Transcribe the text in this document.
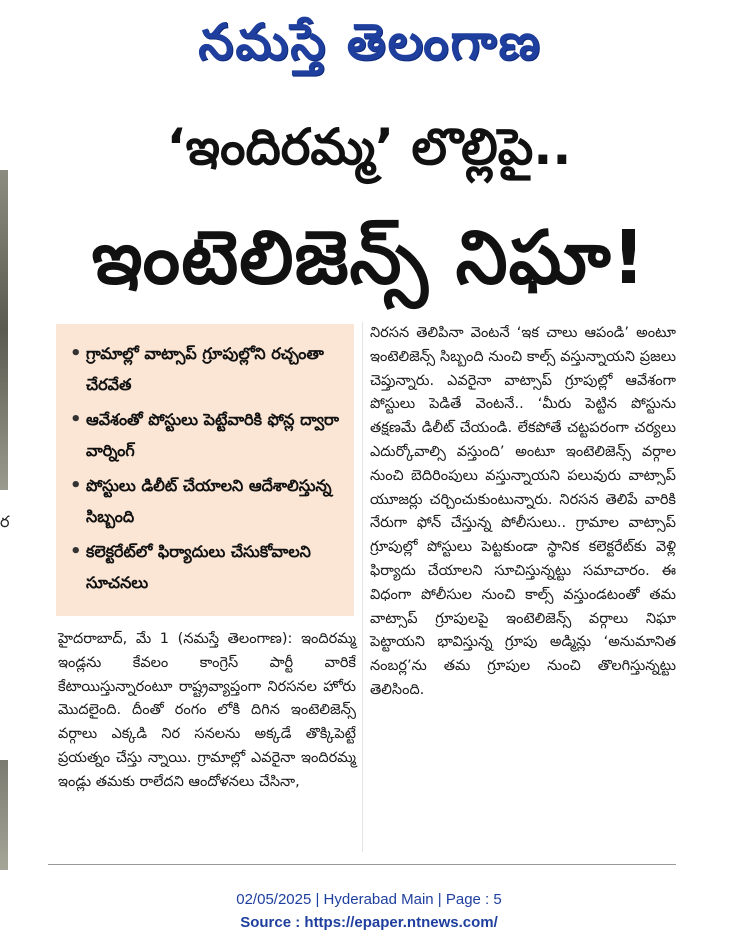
నమస్తే తెలంగాణ
‘ఇందిరమ్మ’ లొల్లిపై..
ఇంటెలిజెన్స్‌ నిఘా!
ర
• గ్రామాల్లో వాట్సాప్‌ గ్రూపుల్లోని రచ్చంతా చేరవేత
• ఆవేశంతో పోస్టులు పెట్టేవారికి ఫోన్ల ద్వారా వార్నింగ్‌
• పోస్టులు డిలీట్‌ చేయాలని ఆదేశాలిస్తున్న సిబ్బంది
• కలెక్టరేట్‌లో ఫిర్యాదులు చేసుకోవాలని సూచనలు
హైదరాబాద్‌, మే 1 (నమస్తే తెలంగాణ): ఇందిరమ్మ ఇండ్లను కేవలం కాంగ్రెస్‌ పార్టీ వారికే కేటాయిస్తున్నారంటూ రాష్ట్రవ్యాప్తంగా నిరసనల హోరు మొదలైంది. దీంతో రంగం లోకి దిగిన ఇంటెలిజెన్స్‌ వర్గాలు ఎక్కడి నిర సనలను అక్కడే తొక్కిపెట్టే ప్రయత్నం చేస్తు న్నాయి. గ్రామాల్లో ఎవరైనా ఇందిరమ్మ ఇండ్లు తమకు రాలేదని ఆందోళనలు చేసినా,
నిరసన తెలిపినా వెంటనే ‘ఇక చాలు ఆపండి’ అంటూ ఇంటెలిజెన్స్‌ సిబ్బంది నుంచి కాల్స్‌ వస్తున్నాయని ప్రజలు చెప్తున్నారు. ఎవరైనా వాట్సాప్‌ గ్రూపుల్లో ఆవేశంగా పోస్టులు పెడితే వెంటనే.. ‘మీరు పెట్టిన పోస్టును తక్షణమే డిలీట్‌ చేయండి. లేకపోతే చట్టపరంగా చర్యలు ఎదుర్కోవాల్సి వస్తుంది’ అంటూ ఇంటెలిజెన్స్‌ వర్గాల నుంచి బెదిరింపులు వస్తున్నాయని పలువురు వాట్సాప్‌ యూజర్లు చర్చించుకుంటున్నారు. నిరసన తెలిపే వారికి నేరుగా ఫోన్‌ చేస్తున్న పోలీసులు.. గ్రామాల వాట్సాప్‌ గ్రూపుల్లో పోస్టులు పెట్టకుండా స్థానిక కలెక్టరేట్‌కు వెళ్లి ఫిర్యాదు చేయాలని సూచిస్తున్నట్టు సమాచారం. ఈ విధంగా పోలీసుల నుంచి కాల్స్‌ వస్తుండటంతో తమ వాట్సాప్‌ గ్రూపులపై ఇంటెలిజెన్స్‌ వర్గాలు నిఘా పెట్టాయని భావిస్తున్న గ్రూపు అడ్మిన్లు ‘అనుమానిత నంబర్ల’ను తమ గ్రూపుల నుంచి తొలగిస్తున్నట్టు తెలిసింది.
02/05/2025 | Hyderabad Main | Page : 5
Source : https://epaper.ntnews.com/
